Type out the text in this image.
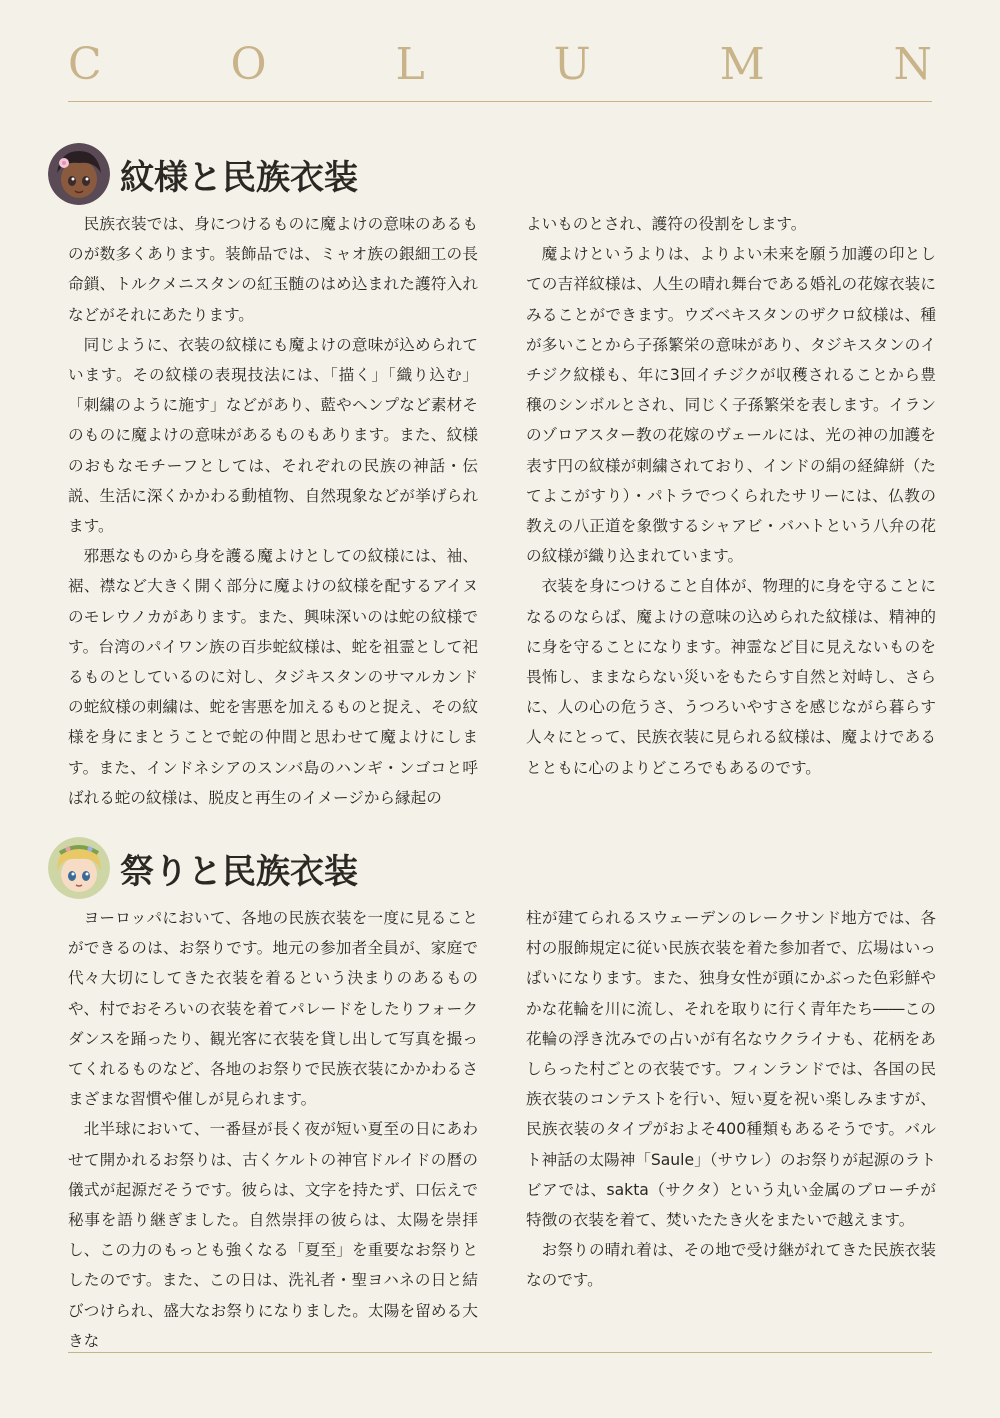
C	O	L	U	M	N
紋様と民族衣装

民族衣装では、身につけるものに魔よけの意味のあるものが数多くあります。装飾品では、ミャオ族の銀細工の長命鎖、トルクメニスタンの紅玉髄のはめ込まれた護符入れなどがそれにあたります。

同じように、衣装の紋様にも魔よけの意味が込められています。その紋様の表現技法には、「描く」「織り込む」「刺繍のように施す」などがあり、藍やヘンプなど素材そのものに魔よけの意味があるものもあります。また、紋様のおもなモチーフとしては、それぞれの民族の神話・伝説、生活に深くかかわる動植物、自然現象などが挙げられます。

邪悪なものから身を護る魔よけとしての紋様には、袖、裾、襟など大きく開く部分に魔よけの紋様を配するアイヌのモレウノカがあります。また、興味深いのは蛇の紋様です。台湾のパイワン族の百歩蛇紋様は、蛇を祖霊として祀るものとしているのに対し、タジキスタンのサマルカンドの蛇紋様の刺繍は、蛇を害悪を加えるものと捉え、その紋様を身にまとうことで蛇の仲間と思わせて魔よけにします。また、インドネシアのスンバ島のハンギ・ンゴコと呼ばれる蛇の紋様は、脱皮と再生のイメージから縁起の

よいものとされ、護符の役割をします。

魔よけというよりは、よりよい未来を願う加護の印としての吉祥紋様は、人生の晴れ舞台である婚礼の花嫁衣装にみることができます。ウズベキスタンのザクロ紋様は、種が多いことから子孫繁栄の意味があり、タジキスタンのイチジク紋様も、年に3回イチジクが収穫されることから豊穣のシンボルとされ、同じく子孫繁栄を表します。イランのゾロアスター教の花嫁のヴェールには、光の神の加護を表す円の紋様が刺繍されており、インドの絹の経緯絣（たてよこがすり）・パトラでつくられたサリーには、仏教の教えの八正道を象徴するシャアビ・バハトという八弁の花の紋様が織り込まれています。

衣装を身につけること自体が、物理的に身を守ることになるのならば、魔よけの意味の込められた紋様は、精神的に身を守ることになります。神霊など目に見えないものを畏怖し、ままならない災いをもたらす自然と対峙し、さらに、人の心の危うさ、うつろいやすさを感じながら暮らす人々にとって、民族衣装に見られる紋様は、魔よけであるとともに心のよりどころでもあるのです。

祭りと民族衣装

ヨーロッパにおいて、各地の民族衣装を一度に見ることができるのは、お祭りです。地元の参加者全員が、家庭で代々大切にしてきた衣装を着るという決まりのあるものや、村でおそろいの衣装を着てパレードをしたりフォークダンスを踊ったり、観光客に衣装を貸し出して写真を撮ってくれるものなど、各地のお祭りで民族衣装にかかわるさまざまな習慣や催しが見られます。

北半球において、一番昼が長く夜が短い夏至の日にあわせて開かれるお祭りは、古くケルトの神官ドルイドの暦の儀式が起源だそうです。彼らは、文字を持たず、口伝えで秘事を語り継ぎました。自然崇拝の彼らは、太陽を崇拝し、この力のもっとも強くなる「夏至」を重要なお祭りとしたのです。また、この日は、洗礼者・聖ヨハネの日と結びつけられ、盛大なお祭りになりました。太陽を留める大きな

柱が建てられるスウェーデンのレークサンド地方では、各村の服飾規定に従い民族衣装を着た参加者で、広場はいっぱいになります。また、独身女性が頭にかぶった色彩鮮やかな花輪を川に流し、それを取りに行く青年たち――この花輪の浮き沈みでの占いが有名なウクライナも、花柄をあしらった村ごとの衣装です。フィンランドでは、各国の民族衣装のコンテストを行い、短い夏を祝い楽しみますが、民族衣装のタイプがおよそ400種類もあるそうです。バルト神話の太陽神「Saule」（サウレ）のお祭りが起源のラトビアでは、sakta（サクタ）という丸い金属のブローチが特徴の衣装を着て、焚いたたき火をまたいで越えます。

お祭りの晴れ着は、その地で受け継がれてきた民族衣装なのです。
